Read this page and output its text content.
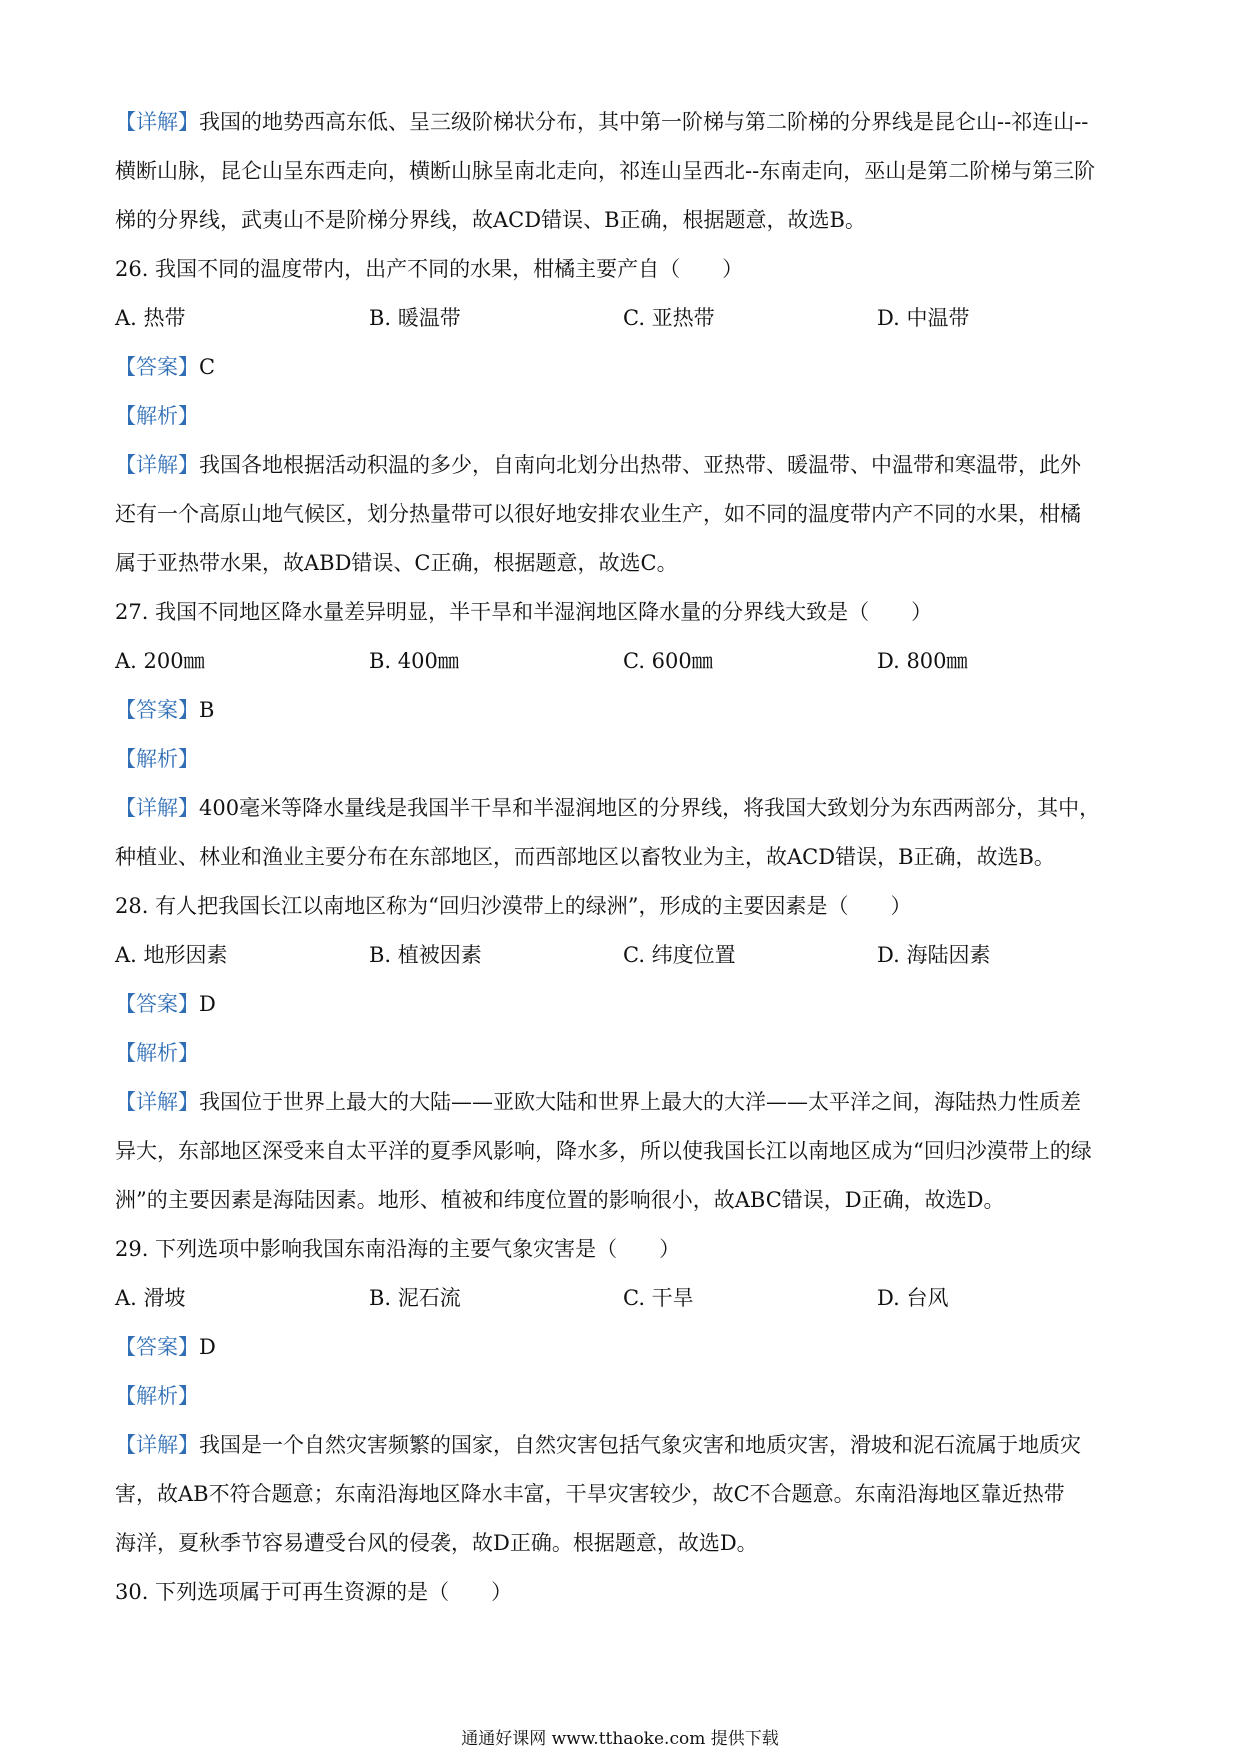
【详解】我国的地势西高东低、呈三级阶梯状分布，其中第一阶梯与第二阶梯的分界线是昆仑山--祁连山--
横断山脉，昆仑山呈东西走向，横断山脉呈南北走向，祁连山呈西北--东南走向，巫山是第二阶梯与第三阶
梯的分界线，武夷山不是阶梯分界线，故ACD错误、B正确，根据题意，故选B。
26. 我国不同的温度带内，出产不同的水果，柑橘主要产自（　　）
A. 热带	B. 暖温带	C. 亚热带	D. 中温带
【答案】C
【解析】
【详解】我国各地根据活动积温的多少，自南向北划分出热带、亚热带、暖温带、中温带和寒温带，此外
还有一个高原山地气候区，划分热量带可以很好地安排农业生产，如不同的温度带内产不同的水果，柑橘
属于亚热带水果，故ABD错误、C正确，根据题意，故选C。
27. 我国不同地区降水量差异明显，半干旱和半湿润地区降水量的分界线大致是（　　）
A. 200㎜	B. 400㎜	C. 600㎜	D. 800㎜
【答案】B
【解析】
【详解】400毫米等降水量线是我国半干旱和半湿润地区的分界线，将我国大致划分为东西两部分，其中，
种植业、林业和渔业主要分布在东部地区，而西部地区以畜牧业为主，故ACD错误，B正确，故选B。
28. 有人把我国长江以南地区称为“回归沙漠带上的绿洲”，形成的主要因素是（　　）
A. 地形因素	B. 植被因素	C. 纬度位置	D. 海陆因素
【答案】D
【解析】
【详解】我国位于世界上最大的大陆——亚欧大陆和世界上最大的大洋——太平洋之间，海陆热力性质差
异大，东部地区深受来自太平洋的夏季风影响，降水多，所以使我国长江以南地区成为“回归沙漠带上的绿
洲”的主要因素是海陆因素。地形、植被和纬度位置的影响很小，故ABC错误，D正确，故选D。
29. 下列选项中影响我国东南沿海的主要气象灾害是（　　）
A. 滑坡	B. 泥石流	C. 干旱	D. 台风
【答案】D
【解析】
【详解】我国是一个自然灾害频繁的国家，自然灾害包括气象灾害和地质灾害，滑坡和泥石流属于地质灾
害，故AB不符合题意；东南沿海地区降水丰富，干旱灾害较少，故C不合题意。东南沿海地区靠近热带
海洋，夏秋季节容易遭受台风的侵袭，故D正确。根据题意，故选D。
30. 下列选项属于可再生资源的是（　　）
通通好课网 www.tthaoke.com 提供下载
